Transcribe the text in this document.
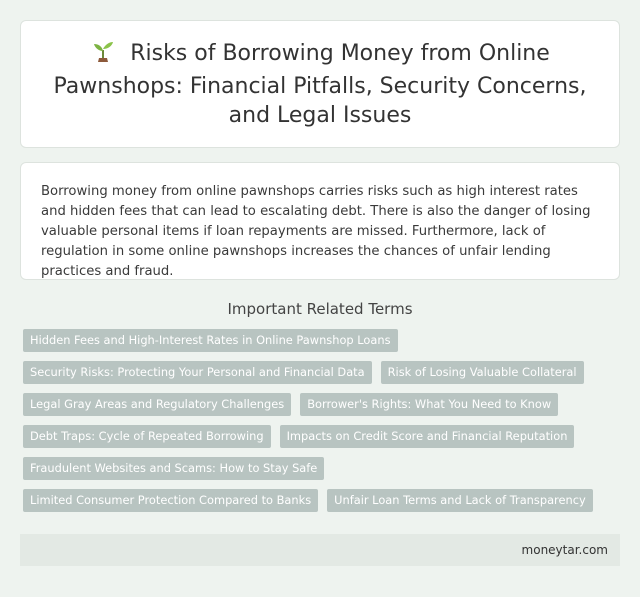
Risks of Borrowing Money from Online Pawnshops: Financial Pitfalls, Security Concerns, and Legal Issues

Borrowing money from online pawnshops carries risks such as high interest rates and hidden fees that can lead to escalating debt. There is also the danger of losing valuable personal items if loan repayments are missed. Furthermore, lack of regulation in some online pawnshops increases the chances of unfair lending practices and fraud.

Important Related Terms
Hidden Fees and High-Interest Rates in Online Pawnshop Loans
Security Risks: Protecting Your Personal and Financial Data	Risk of Losing Valuable Collateral
Legal Gray Areas and Regulatory Challenges	Borrower's Rights: What You Need to Know
Debt Traps: Cycle of Repeated Borrowing	Impacts on Credit Score and Financial Reputation
Fraudulent Websites and Scams: How to Stay Safe
Limited Consumer Protection Compared to Banks	Unfair Loan Terms and Lack of Transparency
moneytar.com
